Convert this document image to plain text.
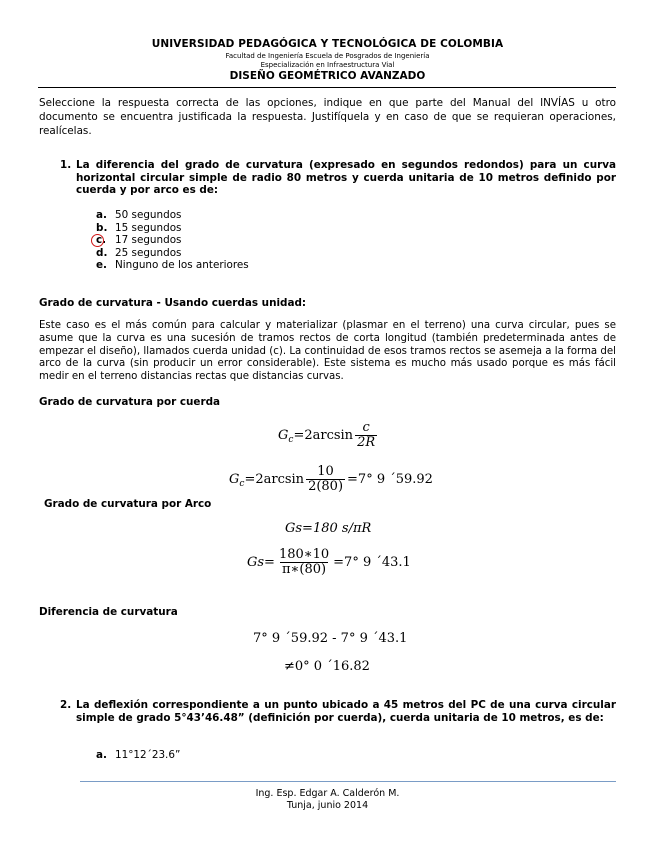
UNIVERSIDAD PEDAGÓGICA Y TECNOLÓGICA DE COLOMBIA
Facultad de Ingeniería Escuela de Posgrados de Ingeniería
Especialización en Infraestructura Vial
DISEÑO GEOMÉTRICO AVANZADO
Seleccione la respuesta correcta de las opciones, indique en que parte del Manual del INVÍAS u otro documento se encuentra justificada la respuesta. Justifíquela y en caso de que se requieran operaciones, realícelas.
1. La diferencia del grado de curvatura (expresado en segundos redondos) para un curva horizontal circular simple de radio 80 metros y cuerda unitaria de 10 metros definido por cuerda y por arco es de:
a. 50 segundos
b. 15 segundos
c. 17 segundos
d. 25 segundos
e. Ninguno de los anteriores
Grado de curvatura - Usando cuerdas unidad:
Este caso es el más común para calcular y materializar (plasmar en el terreno) una curva circular, pues se asume que la curva es una sucesión de tramos rectos de corta longitud (también predeterminada antes de empezar el diseño), llamados cuerda unidad (c). La continuidad de esos tramos rectos se asemeja a la forma del arco de la curva (sin producir un error considerable). Este sistema es mucho más usado porque es más fácil medir en el terreno distancias rectas que distancias curvas.
Grado de curvatura por cuerda
G $c =2\arcsin \frac{c}{2R}$
G $c =2\arcsin \frac{10}{2(80)} =7^\circ$ 9 ´59.92
Grado de curvatura por Arco
Gs=180 s/πR
$Gs= \frac{180∗10}{\pi∗(80)} =7^\circ$ 9 ´43.1
Diferencia de curvatura
7° 9 ´59.92 - 7° 9 ´43.1
≠0° 0 ´16.82
2. La deflexión correspondiente a un punto ubicado a 45 metros del PC de una curva circular simple de grado 5°43’46.48” (definición por cuerda), cuerda unitaria de 10 metros, es de:
a. 11°12´23.6”
Ing. Esp. Edgar A. Calderón M.
Tunja, junio 2014
